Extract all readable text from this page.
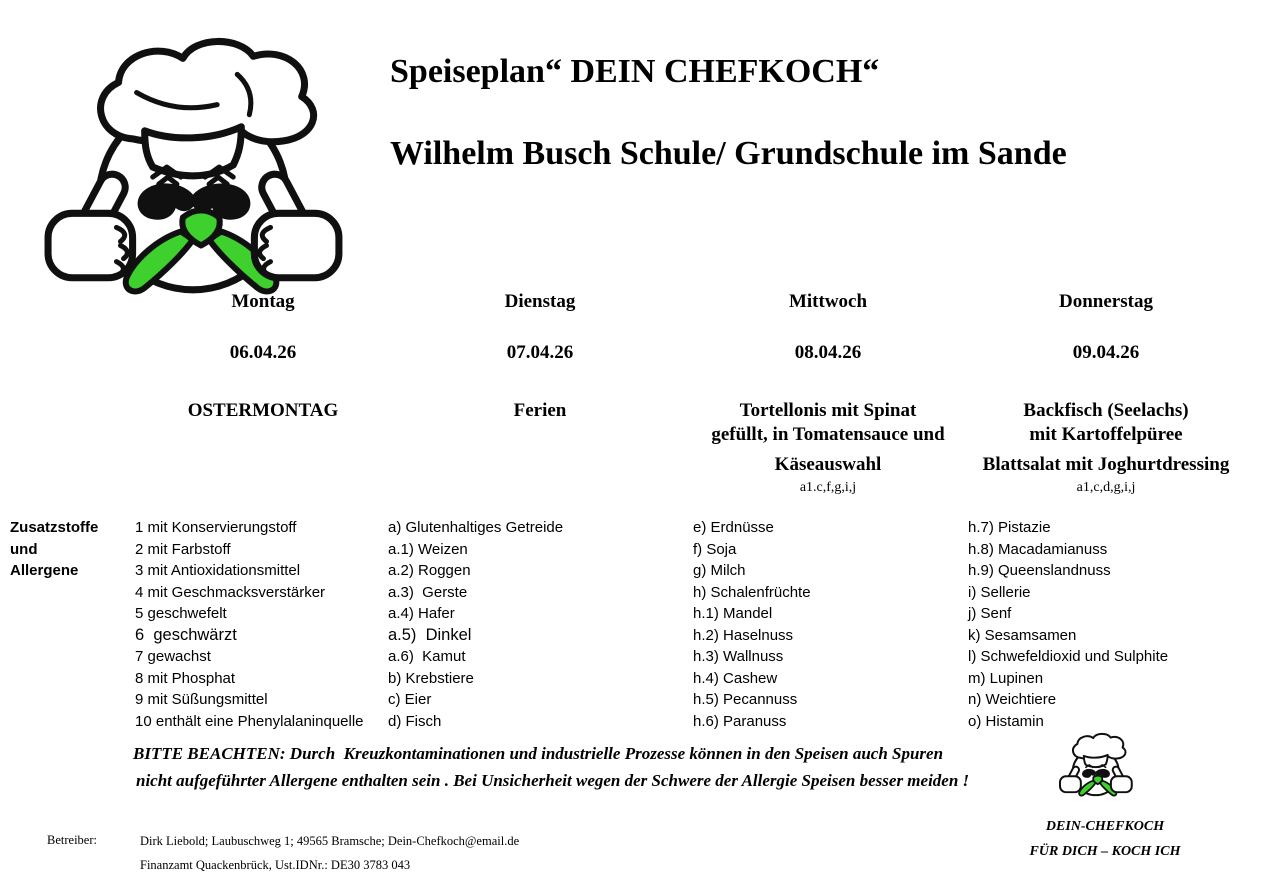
Speiseplan“ DEIN CHEFKOCH“
Wilhelm Busch Schule/ Grundschule im Sande
Montag
06.04.26
OSTERMONTAG
Dienstag
07.04.26
Ferien
Mittwoch
08.04.26
Tortellonis mit Spinat
gefüllt, in Tomatensauce und
Käseauswahl
a1.c,f,g,i,j
Donnerstag
09.04.26
Backfisch (Seelachs)
mit Kartoffelpüree
Blattsalat mit Joghurtdressing
a1,c,d,g,i,j
Zusatzstoffe
und
Allergene
1 mit Konservierungstoff
2 mit Farbstoff
3 mit Antioxidationsmittel
4 mit Geschmacksverstärker
5 geschwefelt
6  geschwärzt
7 gewachst
8 mit Phosphat
9 mit Süßungsmittel
10 enthält eine Phenylalaninquelle
a) Glutenhaltiges Getreide
a.1) Weizen
a.2) Roggen
a.3)  Gerste
a.4) Hafer
a.5)  Dinkel
a.6)  Kamut
b) Krebstiere
c) Eier
d) Fisch
e) Erdnüsse
f) Soja
g) Milch
h) Schalenfrüchte
h.1) Mandel
h.2) Haselnuss
h.3) Wallnuss
h.4) Cashew
h.5) Pecannuss
h.6) Paranuss
h.7) Pistazie
h.8) Macadamianuss
h.9) Queenslandnuss
i) Sellerie
j) Senf
k) Sesamsamen
l) Schwefeldioxid und Sulphite
m) Lupinen
n) Weichtiere
o) Histamin
BITTE BEACHTEN: Durch  Kreuzkontaminationen und industrielle Prozesse können in den Speisen auch Spuren
nicht aufgeführter Allergene enthalten sein . Bei Unsicherheit wegen der Schwere der Allergie Speisen besser meiden !
Betreiber:	Dirk Liebold; Laubuschweg 1; 49565 Bramsche; Dein-Chefkoch@email.de
Finanzamt Quackenbrück, Ust.IDNr.: DE30 3783 043
DEIN-CHEFKOCH
FÜR DICH – KOCH ICH
